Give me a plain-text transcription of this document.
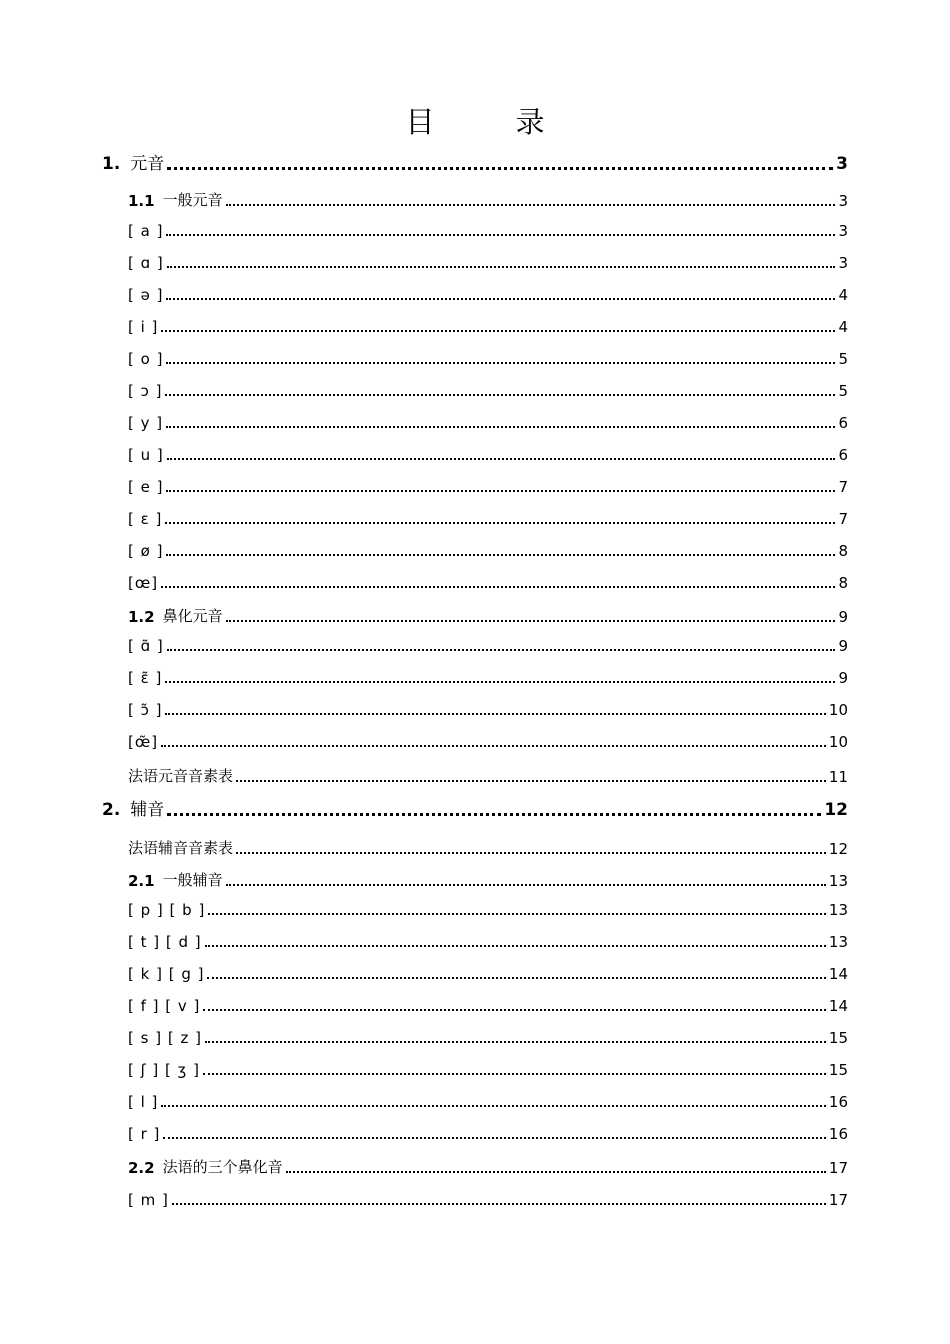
目　录
1. 元音	3
1.1 一般元音	3
[ a ]	3
[ ɑ ]	3
[ ə ]	4
[ i ]	4
[ o ]	5
[ ɔ ]	5
[ y ]	6
[ u ]	6
[ e ]	7
[ ɛ ]	7
[ ø ]	8
[œ]	8
1.2 鼻化元音	9
[ ɑ̃ ]	9
[ ɛ̃ ]	9
[ ɔ̃ ]	10
[œ̃]	10
法语元音音素表	11
2. 辅音	12
法语辅音音素表	12
2.1 一般辅音	13
[ p ] [ b ]	13
[ t ] [ d ]	13
[ k ] [ g ]	14
[ f ] [ v ]	14
[ s ] [ z ]	15
[ ʃ ] [ ʒ ]	15
[ l ]	16
[ r ]	16
2.2 法语的三个鼻化音	17
[ m ]	17
